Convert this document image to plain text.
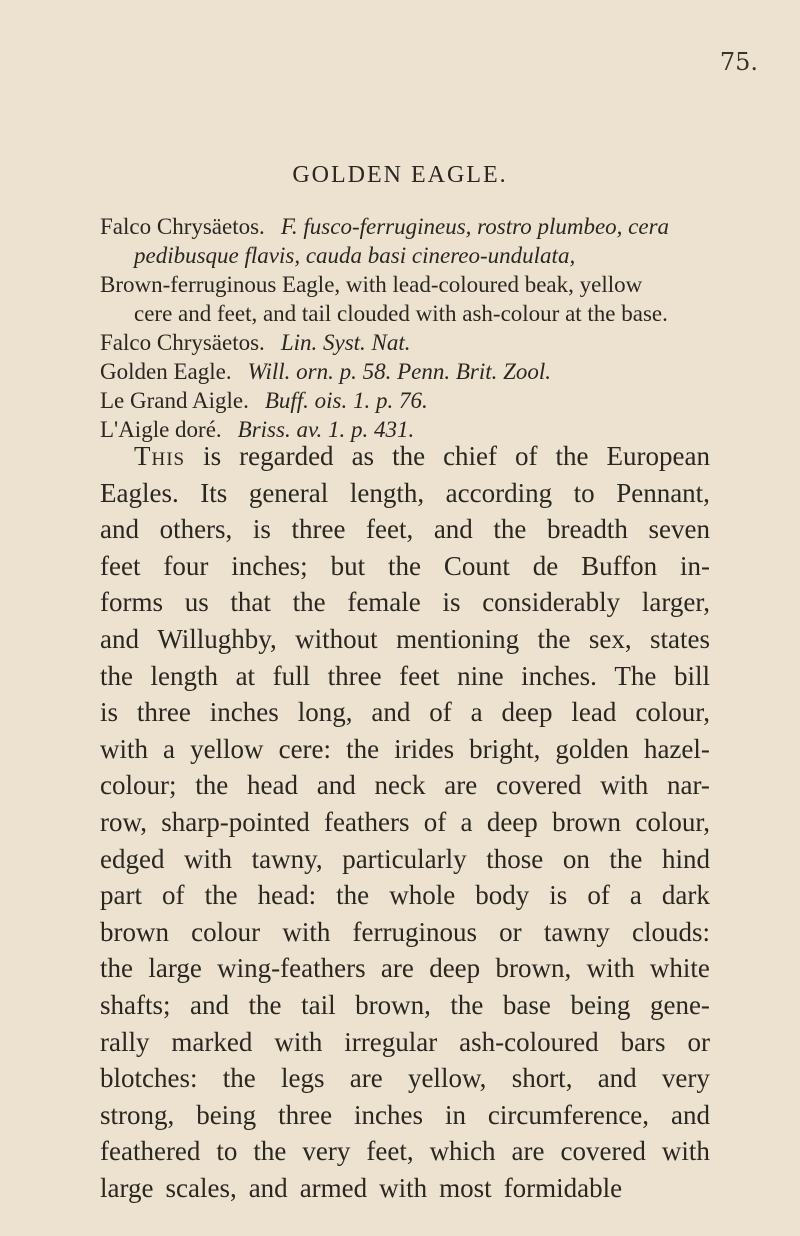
75.
GOLDEN EAGLE.
Falco Chrysäetos. F. fusco-ferrugineus, rostro plumbeo, cera
pedibusque flavis, cauda basi cinereo-undulata,
Brown-ferruginous Eagle, with lead-coloured beak, yellow
cere and feet, and tail clouded with ash-colour at the base.
Falco Chrysäetos. Lin. Syst. Nat.
Golden Eagle. Will. orn. p. 58. Penn. Brit. Zool.
Le Grand Aigle. Buff. ois. 1. p. 76.
L'Aigle doré. Briss. av. 1. p. 431.
This is regarded as the chief of the European
Eagles. Its general length, according to Pennant,
and others, is three feet, and the breadth seven
feet four inches; but the Count de Buffon in-
forms us that the female is considerably larger,
and Willughby, without mentioning the sex, states
the length at full three feet nine inches. The bill
is three inches long, and of a deep lead colour,
with a yellow cere: the irides bright, golden hazel-
colour; the head and neck are covered with nar-
row, sharp-pointed feathers of a deep brown colour,
edged with tawny, particularly those on the hind
part of the head: the whole body is of a dark
brown colour with ferruginous or tawny clouds:
the large wing-feathers are deep brown, with white
shafts; and the tail brown, the base being gene-
rally marked with irregular ash-coloured bars or
blotches: the legs are yellow, short, and very
strong, being three inches in circumference, and
feathered to the very feet, which are covered with
large scales, and armed with most formidable
